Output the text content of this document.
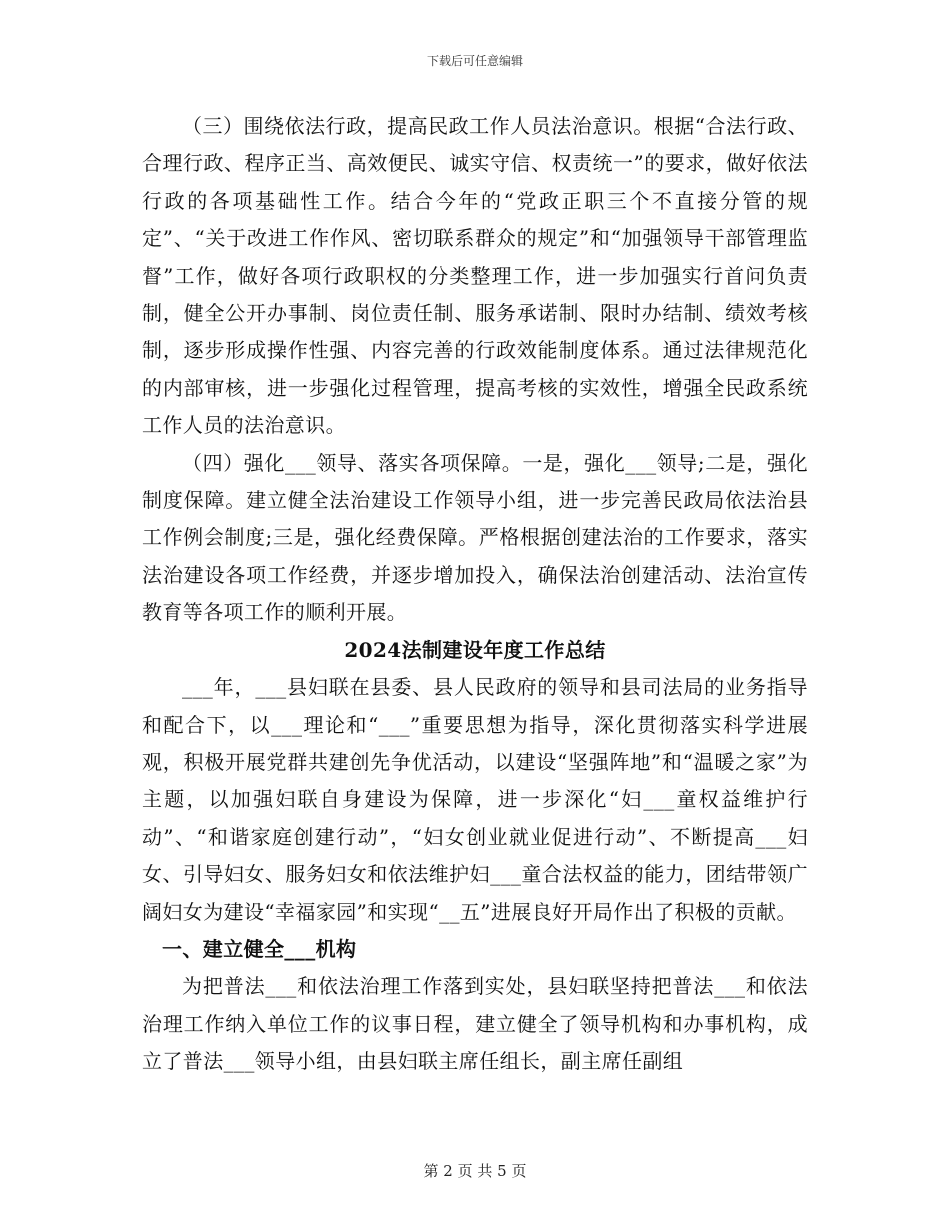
下载后可任意编辑

（三）围绕依法行政，提高民政工作人员法治意识。根据“合法行政、合理行政、程序正当、高效便民、诚实守信、权责统一”的要求，做好依法行政的各项基础性工作。结合今年的“党政正职三个不直接分管的规定”、“关于改进工作作风、密切联系群众的规定”和“加强领导干部管理监督”工作，做好各项行政职权的分类整理工作，进一步加强实行首问负责制，健全公开办事制、岗位责任制、服务承诺制、限时办结制、绩效考核制，逐步形成操作性强、内容完善的行政效能制度体系。通过法律规范化的内部审核，进一步强化过程管理，提高考核的实效性，增强全民政系统工作人员的法治意识。

（四）强化___领导、落实各项保障。一是，强化___领导;二是，强化制度保障。建立健全法治建设工作领导小组，进一步完善民政局依法治县工作例会制度;三是，强化经费保障。严格根据创建法治的工作要求，落实法治建设各项工作经费，并逐步增加投入，确保法治创建活动、法治宣传教育等各项工作的顺利开展。

2024法制建设年度工作总结

___年，___县妇联在县委、县人民政府的领导和县司法局的业务指导和配合下，以___理论和“___”重要思想为指导，深化贯彻落实科学进展观，积极开展党群共建创先争优活动，以建设“坚强阵地”和“温暖之家”为主题，以加强妇联自身建设为保障，进一步深化“妇___童权益维护行动”、“和谐家庭创建行动”，“妇女创业就业促进行动”、不断提高___妇女、引导妇女、服务妇女和依法维护妇___童合法权益的能力，团结带领广阔妇女为建设“幸福家园”和实现“__五”进展良好开局作出了积极的贡献。

一、建立健全___机构

为把普法___和依法治理工作落到实处，县妇联坚持把普法___和依法治理工作纳入单位工作的议事日程，建立健全了领导机构和办事机构，成立了普法___领导小组，由县妇联主席任组长，副主席任副组

第 2 页 共 5 页
